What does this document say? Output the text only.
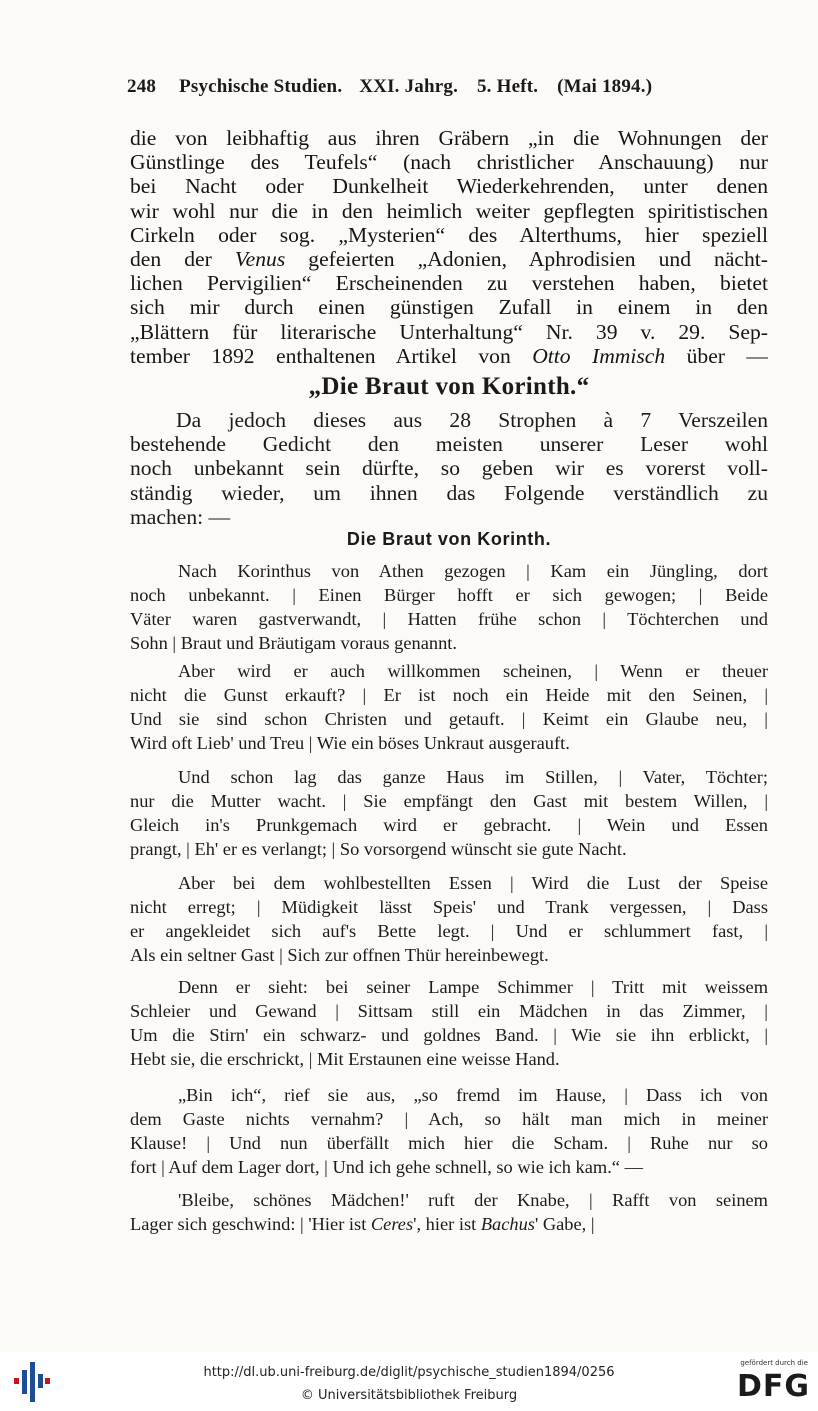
248 Psychische Studien. XXI. Jahrg. 5. Heft. (Mai 1894.)
die von leibhaftig aus ihren Gräbern „in die Wohnungen der
Günstlinge des Teufels“ (nach christlicher Anschauung) nur
bei Nacht oder Dunkelheit Wiederkehrenden, unter denen
wir wohl nur die in den heimlich weiter gepflegten spiritistischen
Cirkeln oder sog. „Mysterien“ des Alterthums, hier speziell
den der Venus gefeierten „Adonien, Aphrodisien und nächt-
lichen Pervigilien“ Erscheinenden zu verstehen haben, bietet
sich mir durch einen günstigen Zufall in einem in den
„Blättern für literarische Unterhaltung“ Nr. 39 v. 29. Sep-
tember 1892 enthaltenen Artikel von Otto Immisch über —
„Die Braut von Korinth.“
Da jedoch dieses aus 28 Strophen à 7 Verszeilen
bestehende Gedicht den meisten unserer Leser wohl
noch unbekannt sein dürfte, so geben wir es vorerst voll-
ständig wieder, um ihnen das Folgende verständlich zu
machen: —
Die Braut von Korinth.
Nach Korinthus von Athen gezogen | Kam ein Jüngling, dort
noch unbekannt. | Einen Bürger hofft er sich gewogen; | Beide
Väter waren gastverwandt, | Hatten frühe schon | Töchterchen und
Sohn | Braut und Bräutigam voraus genannt.
Aber wird er auch willkommen scheinen, | Wenn er theuer
nicht die Gunst erkauft? | Er ist noch ein Heide mit den Seinen, |
Und sie sind schon Christen und getauft. | Keimt ein Glaube neu, |
Wird oft Lieb' und Treu | Wie ein böses Unkraut ausgerauft.
Und schon lag das ganze Haus im Stillen, | Vater, Töchter;
nur die Mutter wacht. | Sie empfängt den Gast mit bestem Willen, |
Gleich in's Prunkgemach wird er gebracht. | Wein und Essen
prangt, | Eh' er es verlangt; | So vorsorgend wünscht sie gute Nacht.
Aber bei dem wohlbestellten Essen | Wird die Lust der Speise
nicht erregt; | Müdigkeit lässt Speis' und Trank vergessen, | Dass
er angekleidet sich auf's Bette legt. | Und er schlummert fast, |
Als ein seltner Gast | Sich zur offnen Thür hereinbewegt.
Denn er sieht: bei seiner Lampe Schimmer | Tritt mit weissem
Schleier und Gewand | Sittsam still ein Mädchen in das Zimmer, |
Um die Stirn' ein schwarz- und goldnes Band. | Wie sie ihn erblickt, |
Hebt sie, die erschrickt, | Mit Erstaunen eine weisse Hand.
„Bin ich“, rief sie aus, „so fremd im Hause, | Dass ich von
dem Gaste nichts vernahm? | Ach, so hält man mich in meiner
Klause! | Und nun überfällt mich hier die Scham. | Ruhe nur so
fort | Auf dem Lager dort, | Und ich gehe schnell, so wie ich kam.“ —
'Bleibe, schönes Mädchen!' ruft der Knabe, | Rafft von seinem
Lager sich geschwind: | 'Hier ist Ceres', hier ist Bachus' Gabe, |
http://dl.ub.uni-freiburg.de/diglit/psychische_studien1894/0256
© Universitätsbibliothek Freiburg
gefördert durch die
DFG
